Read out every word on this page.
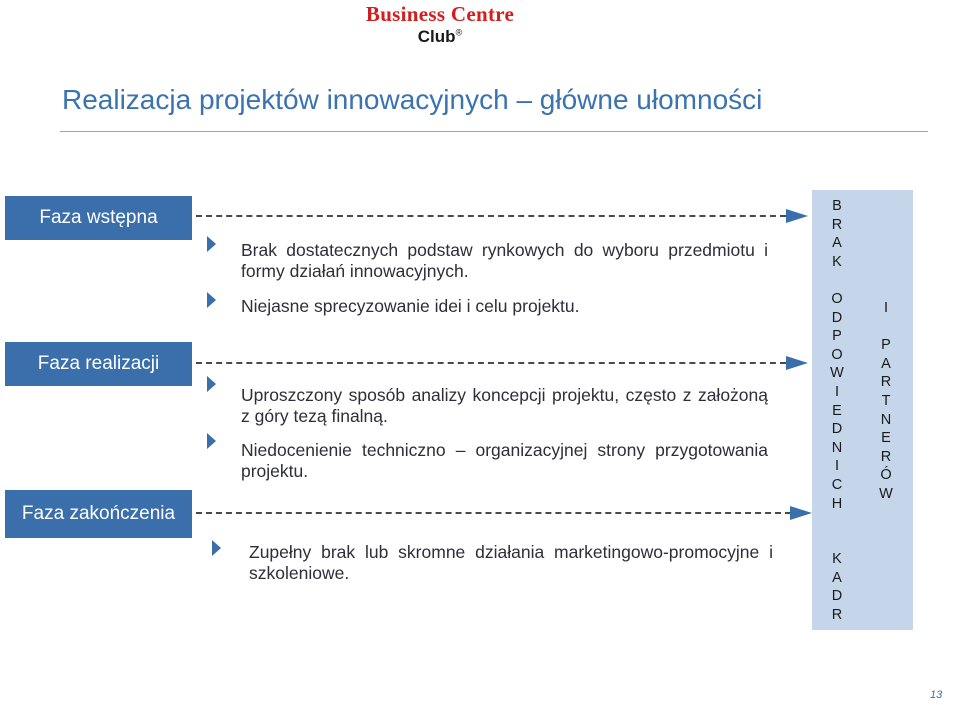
Business Centre
Club®
Realizacja projektów innowacyjnych – główne ułomności
Faza wstępna
Faza realizacji
Faza zakończenia
Brak dostatecznych podstaw rynkowych do wyboru przedmiotu i formy działań innowacyjnych.
Niejasne sprecyzowanie idei i celu projektu.
Uproszczony sposób analizy koncepcji projektu, często z założoną z góry tezą finalną.
Niedocenienie techniczno – organizacyjnej strony przygotowania projektu.
Zupełny brak lub skromne działania marketingowo-promocyjne i szkoleniowe.
B
R
A
K

O
D
P
O
W
I
E
D
N
I
C
H

K
A
D
R
I

P
A
R
T
N
E
R
Ó
W
13
